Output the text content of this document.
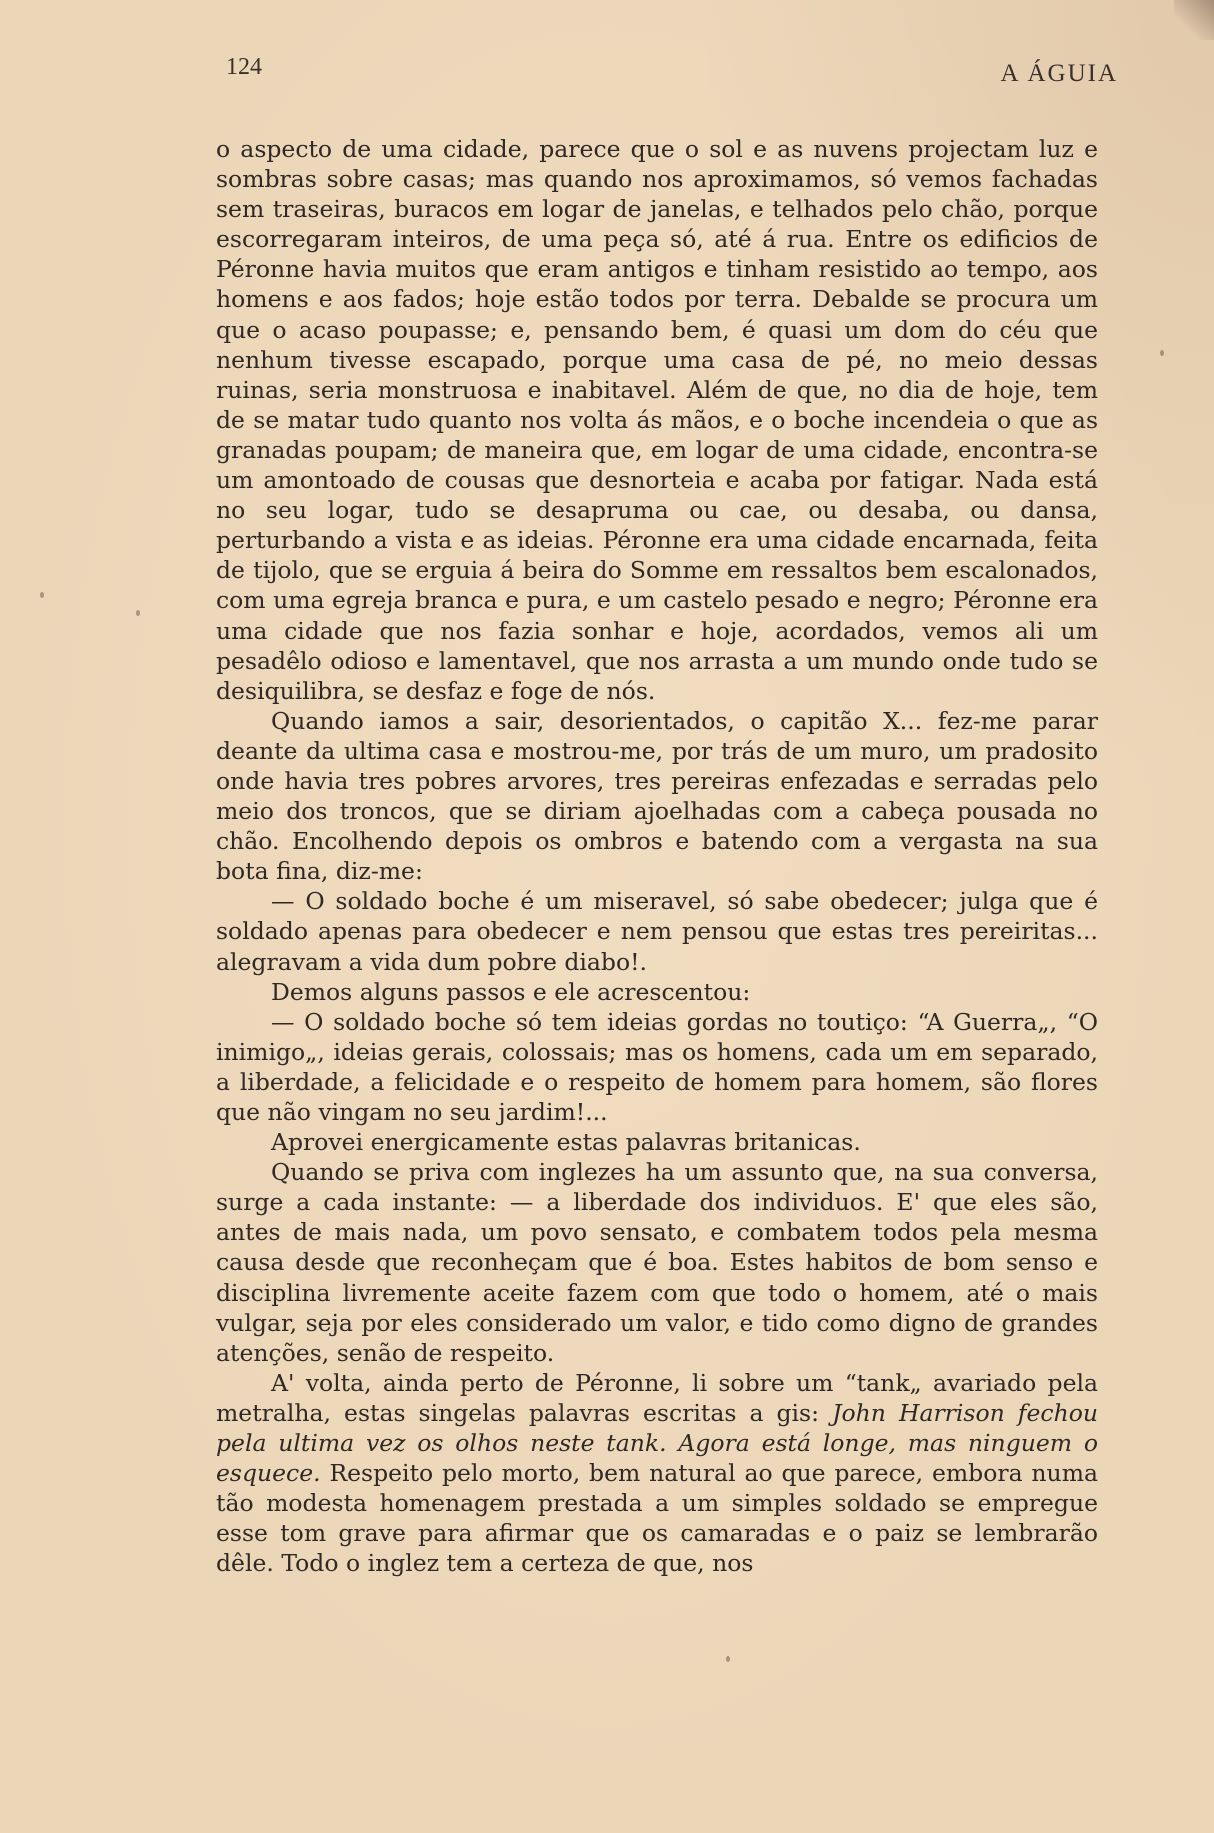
124	A ÁGUIA

o aspecto de uma cidade, parece que o sol e as nuvens projectam luz e sombras sobre casas; mas quando nos aproximamos, só vemos fachadas sem traseiras, buracos em logar de janelas, e telhados pelo chão, porque escorregaram inteiros, de uma peça só, até á rua. Entre os edificios de Péronne havia muitos que eram antigos e tinham resistido ao tempo, aos homens e aos fados; hoje estão todos por terra. Debalde se procura um que o acaso poupasse; e, pensando bem, é quasi um dom do céu que nenhum tivesse escapado, porque uma casa de pé, no meio dessas ruinas, seria monstruosa e inabitavel. Além de que, no dia de hoje, tem de se matar tudo quanto nos volta ás mãos, e o boche incendeia o que as granadas poupam; de maneira que, em logar de uma cidade, encontra-se um amontoado de cousas que desnorteia e acaba por fatigar. Nada está no seu logar, tudo se desapruma ou cae, ou desaba, ou dansa, perturbando a vista e as ideias. Péronne era uma cidade encarnada, feita de tijolo, que se erguia á beira do Somme em ressaltos bem escalonados, com uma egreja branca e pura, e um castelo pesado e negro; Péronne era uma cidade que nos fazia sonhar e hoje, acordados, vemos ali um pesadêlo odioso e lamentavel, que nos arrasta a um mundo onde tudo se desiquilibra, se desfaz e foge de nós.

Quando iamos a sair, desorientados, o capitão X... fez-me parar deante da ultima casa e mostrou-me, por trás de um muro, um pradosito onde havia tres pobres arvores, tres pereiras enfezadas e serradas pelo meio dos troncos, que se diriam ajoelhadas com a cabeça pousada no chão. Encolhendo depois os ombros e batendo com a vergasta na sua bota fina, diz-me:

— O soldado boche é um miseravel, só sabe obedecer; julga que é soldado apenas para obedecer e nem pensou que estas tres pereiritas... alegravam a vida dum pobre diabo!.

Demos alguns passos e ele acrescentou:

— O soldado boche só tem ideias gordas no toutiço: “A Guerra„, “O inimigo„, ideias gerais, colossais; mas os homens, cada um em separado, a liberdade, a felicidade e o respeito de homem para homem, são flores que não vingam no seu jardim!...

Aprovei energicamente estas palavras britanicas.

Quando se priva com inglezes ha um assunto que, na sua conversa, surge a cada instante: — a liberdade dos individuos. E' que eles são, antes de mais nada, um povo sensato, e combatem todos pela mesma causa desde que reconheçam que é boa. Estes habitos de bom senso e disciplina livremente aceite fazem com que todo o homem, até o mais vulgar, seja por eles considerado um valor, e tido como digno de grandes atenções, senão de respeito.

A' volta, ainda perto de Péronne, li sobre um “tank„ avariado pela metralha, estas singelas palavras escritas a gis: John Harrison fechou pela ultima vez os olhos neste tank. Agora está longe, mas ninguem o esquece. Respeito pelo morto, bem natural ao que parece, embora numa tão modesta homenagem prestada a um simples soldado se empregue esse tom grave para afirmar que os camaradas e o paiz se lembrarão dêle. Todo o inglez tem a certeza de que, nos
